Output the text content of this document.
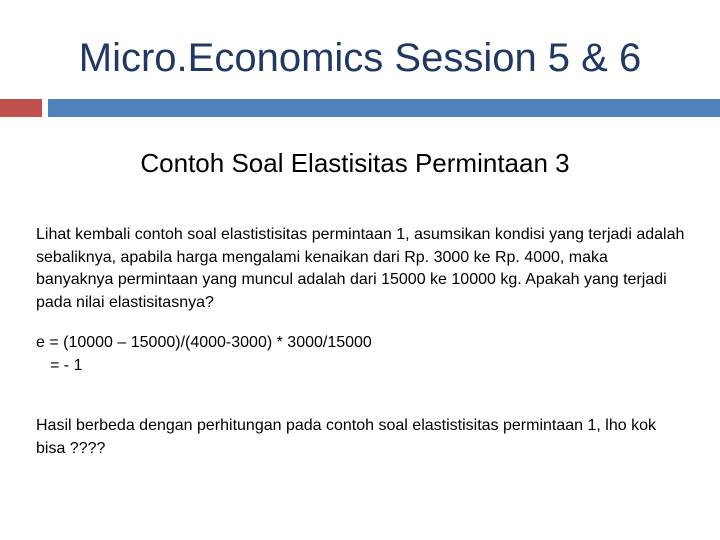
Micro.Economics Session 5 & 6
Contoh Soal Elastisitas Permintaan 3

Lihat kembali contoh soal elastistisitas permintaan 1, asumsikan kondisi yang terjadi adalah sebaliknya, apabila harga mengalami kenaikan dari Rp. 3000 ke Rp. 4000, maka banyaknya permintaan yang muncul adalah dari 15000 ke 10000 kg. Apakah yang terjadi pada nilai elastisitasnya?

e = (10000 – 15000)/(4000-3000) * 3000/15000

= - 1

Hasil berbeda dengan perhitungan pada contoh soal elastistisitas permintaan 1, lho kok bisa ????
